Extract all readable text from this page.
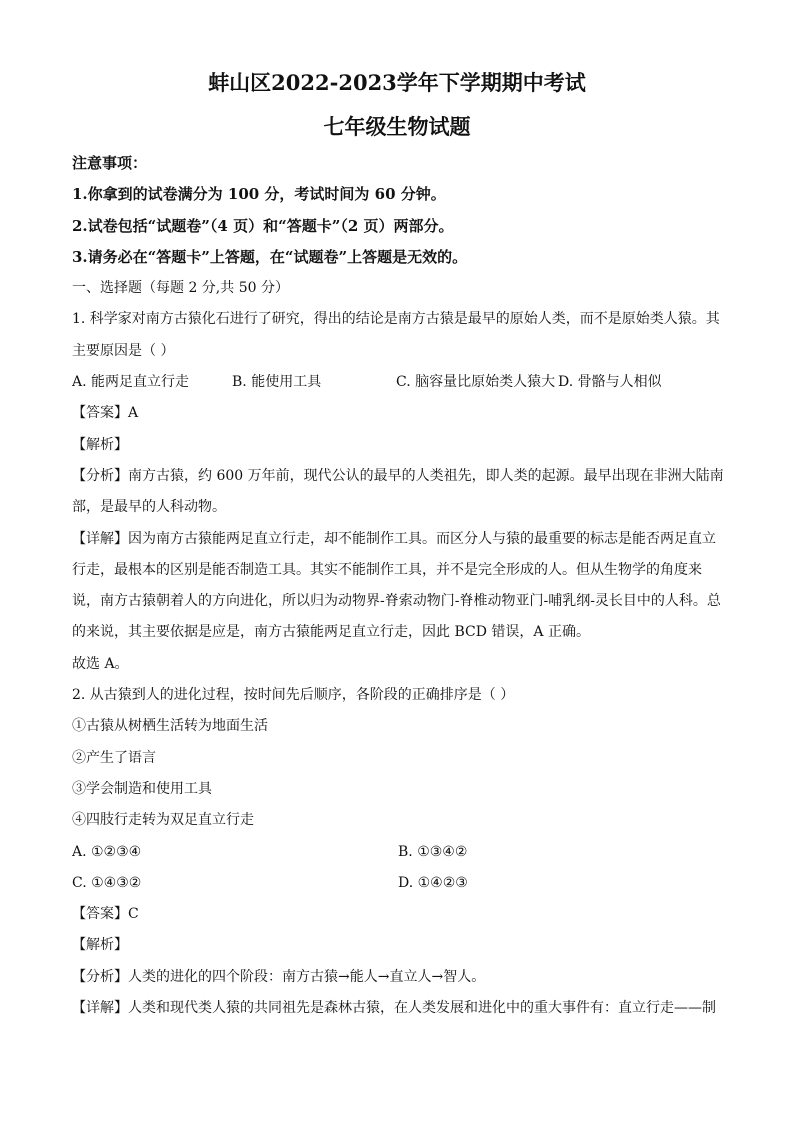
蚌山区2022-2023学年下学期期中考试
七年级生物试题
注意事项：
1.你拿到的试卷满分为 100 分，考试时间为 60 分钟。
2.试卷包括“试题卷”（4 页）和“答题卡”（2 页）两部分。
3.请务必在“答题卡”上答题，在“试题卷”上答题是无效的。
一、选择题（每题 2 分,共 50 分）
1. 科学家对南方古猿化石进行了研究，得出的结论是南方古猿是最早的原始人类，而不是原始类人猿。其
主要原因是（ ）
A. 能两足直立行走	B. 能使用工具	C. 脑容量比原始类人猿大 D. 骨骼与人相似
【答案】A
【解析】
【分析】南方古猿，约 600 万年前，现代公认的最早的人类祖先，即人类的起源。最早出现在非洲大陆南
部，是最早的人科动物。
【详解】因为南方古猿能两足直立行走，却不能制作工具。而区分人与猿的最重要的标志是能否两足直立
行走，最根本的区别是能否制造工具。其实不能制作工具，并不是完全形成的人。但从生物学的角度来
说，南方古猿朝着人的方向进化，所以归为动物界-脊索动物门-脊椎动物亚门-哺乳纲-灵长目中的人科。总
的来说，其主要依据是应是，南方古猿能两足直立行走，因此 BCD 错误，A 正确。
故选 A。
2. 从古猿到人的进化过程，按时间先后顺序，各阶段的正确排序是（ ）
①古猿从树栖生活转为地面生活
②产生了语言
③学会制造和使用工具
④四肢行走转为双足直立行走
A. ①②③④	B. ①③④②
C. ①④③②	D. ①④②③
【答案】C
【解析】
【分析】人类的进化的四个阶段：南方古猿→能人→直立人→智人。
【详解】人类和现代类人猿的共同祖先是森林古猿，在人类发展和进化中的重大事件有：直立行走——制
